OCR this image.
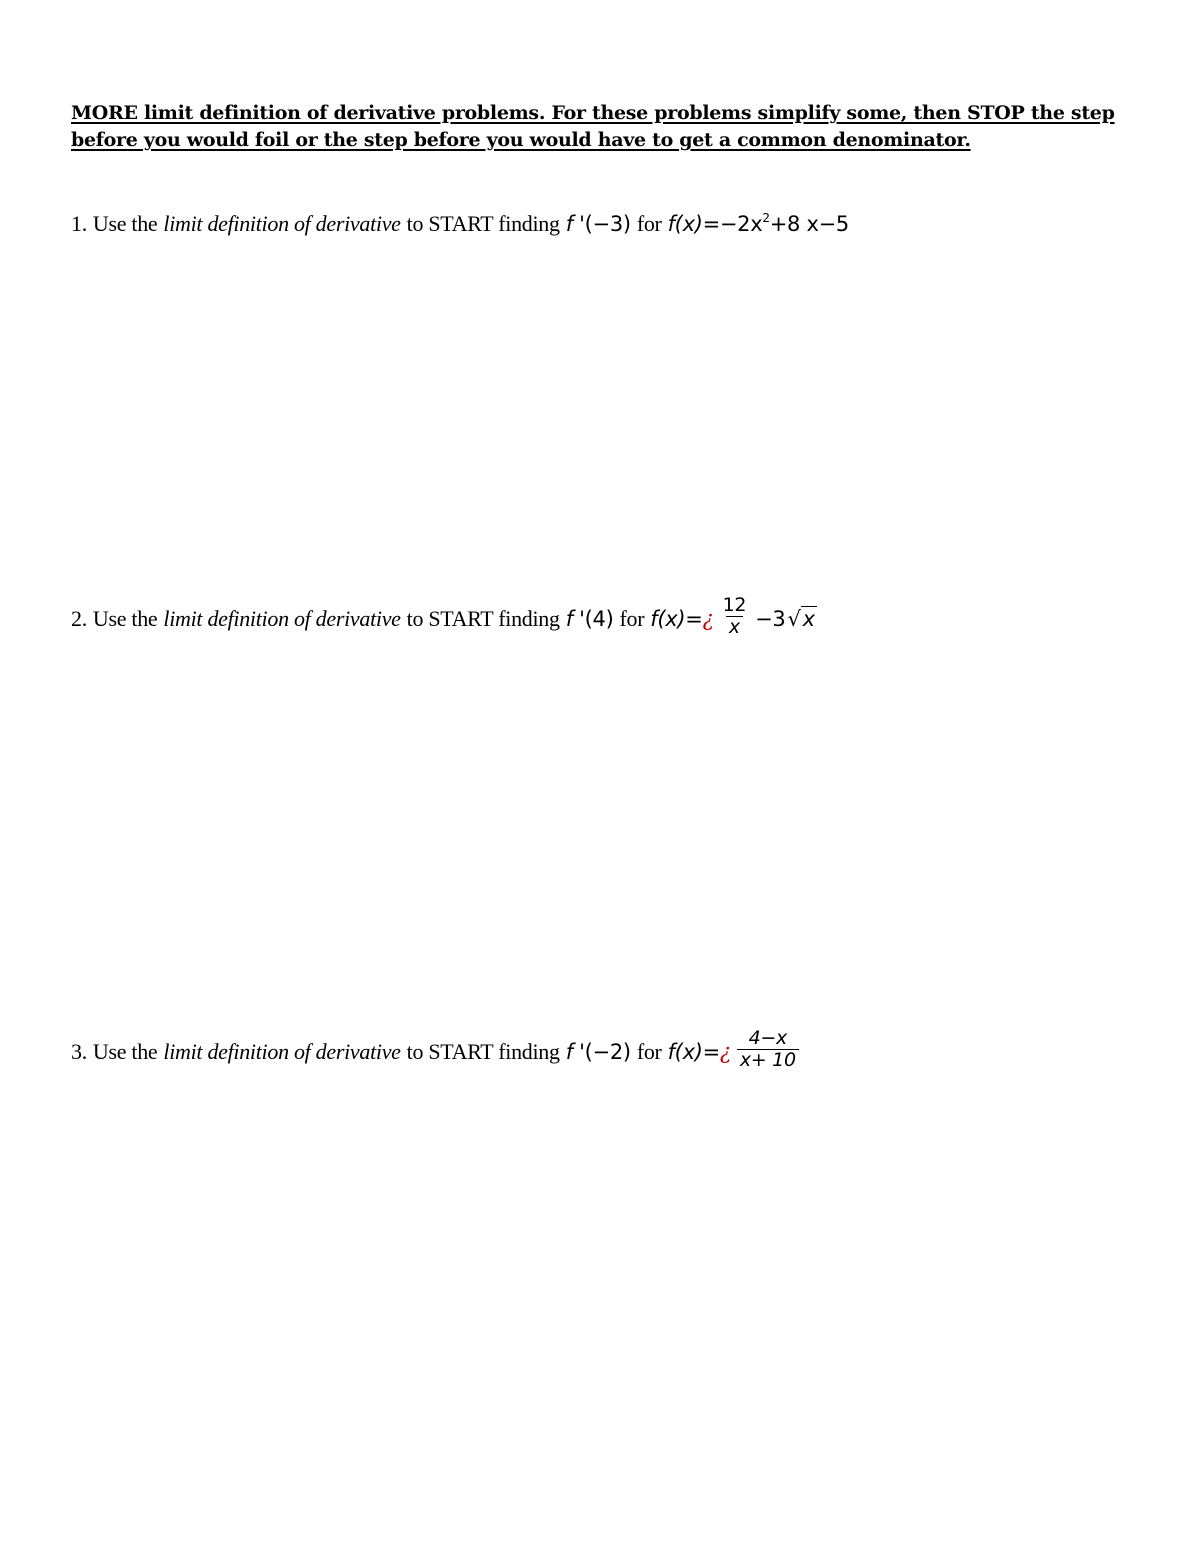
MORE limit definition of derivative problems. For these problems simplify some, then STOP the step
before you would foil or the step before you would have to get a common denominator.
1. Use the limit definition of derivative to START finding f ' (−3) for $f(x)= -2x^2+8$ x−5
2. Use the limit definition of derivative to START finding f ' (4) for f(x)= ¿ $\frac{12}{x} -3$ √x
3. Use the limit definition of derivative to START finding f ' (−2) for f(x)= ¿ $\frac{4-x}{x+ 10}$
